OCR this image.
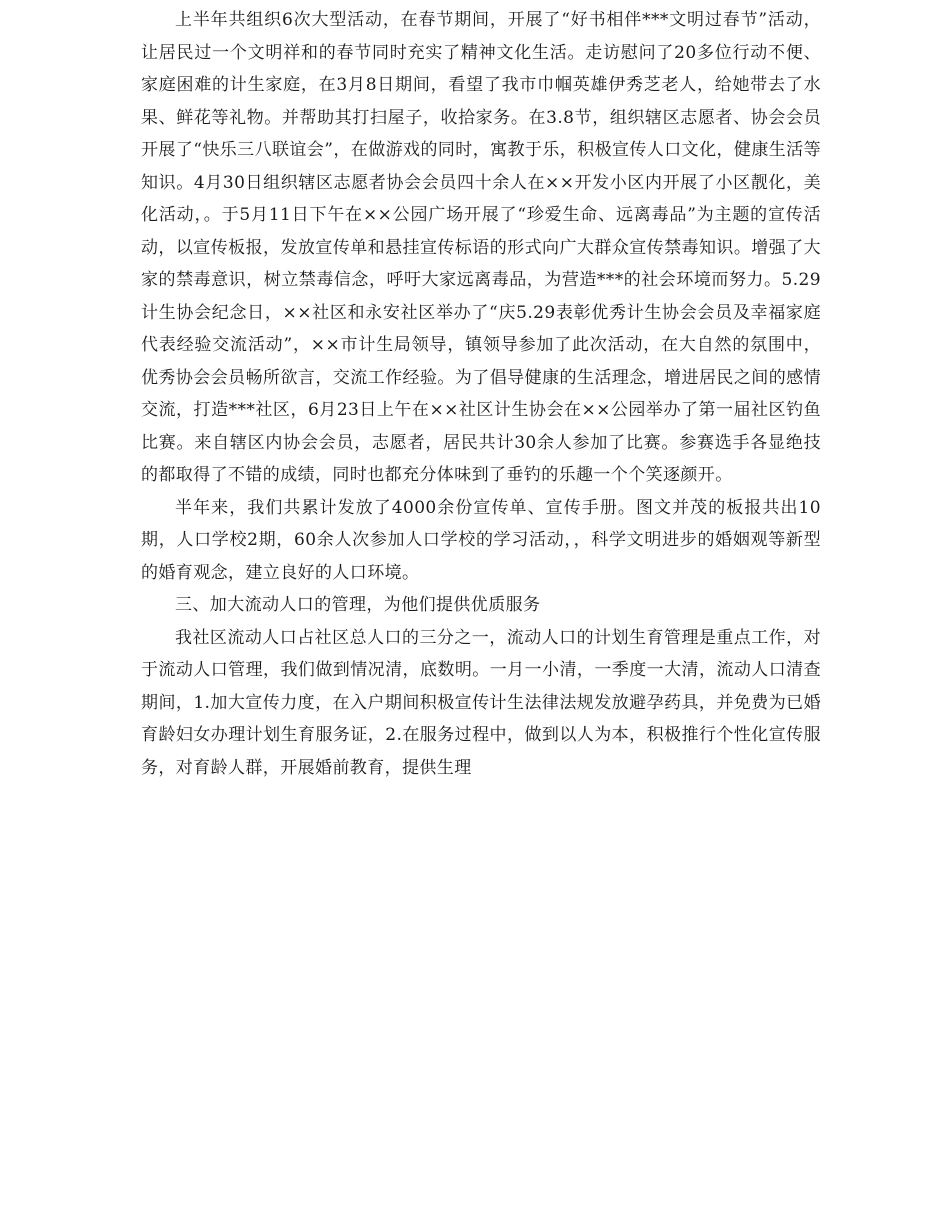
上半年共组织6次大型活动，在春节期间，开展了“好书相伴***文明过春节”活动，让居民过一个文明祥和的春节同时充实了精神文化生活。走访慰问了20多位行动不便、家庭困难的计生家庭，在3月8日期间，看望了我市巾帼英雄伊秀芝老人，给她带去了水果、鲜花等礼物。并帮助其打扫屋子，收拾家务。在3.8节，组织辖区志愿者、协会会员开展了“快乐三八联谊会”，在做游戏的同时，寓教于乐，积极宣传人口文化，健康生活等知识。4月30日组织辖区志愿者协会会员四十余人在××开发小区内开展了小区靓化，美化活动，。于5月11日下午在××公园广场开展了“珍爱生命、远离毒品”为主题的宣传活动，以宣传板报，发放宣传单和悬挂宣传标语的形式向广大群众宣传禁毒知识。增强了大家的禁毒意识，树立禁毒信念，呼吁大家远离毒品，为营造***的社会环境而努力。5.29计生协会纪念日，××社区和永安社区举办了“庆5.29表彰优秀计生协会会员及幸福家庭代表经验交流活动”，××市计生局领导，镇领导参加了此次活动，在大自然的氛围中，优秀协会会员畅所欲言，交流工作经验。为了倡导健康的生活理念，增进居民之间的感情交流，打造***社区，6月23日上午在××社区计生协会在××公园举办了第一届社区钓鱼比赛。来自辖区内协会会员，志愿者，居民共计30余人参加了比赛。参赛选手各显绝技的都取得了不错的成绩，同时也都充分体味到了垂钓的乐趣一个个笑逐颜开。

半年来，我们共累计发放了4000余份宣传单、宣传手册。图文并茂的板报共出10期，人口学校2期，60余人次参加人口学校的学习活动，，科学文明进步的婚姻观等新型的婚育观念，建立良好的人口环境。

三、加大流动人口的管理，为他们提供优质服务

我社区流动人口占社区总人口的三分之一，流动人口的计划生育管理是重点工作，对于流动人口管理，我们做到情况清，底数明。一月一小清，一季度一大清，流动人口清查期间，1.加大宣传力度，在入户期间积极宣传计生法律法规发放避孕药具，并免费为已婚育龄妇女办理计划生育服务证，2.在服务过程中，做到以人为本，积极推行个性化宣传服务，对育龄人群，开展婚前教育，提供生理
